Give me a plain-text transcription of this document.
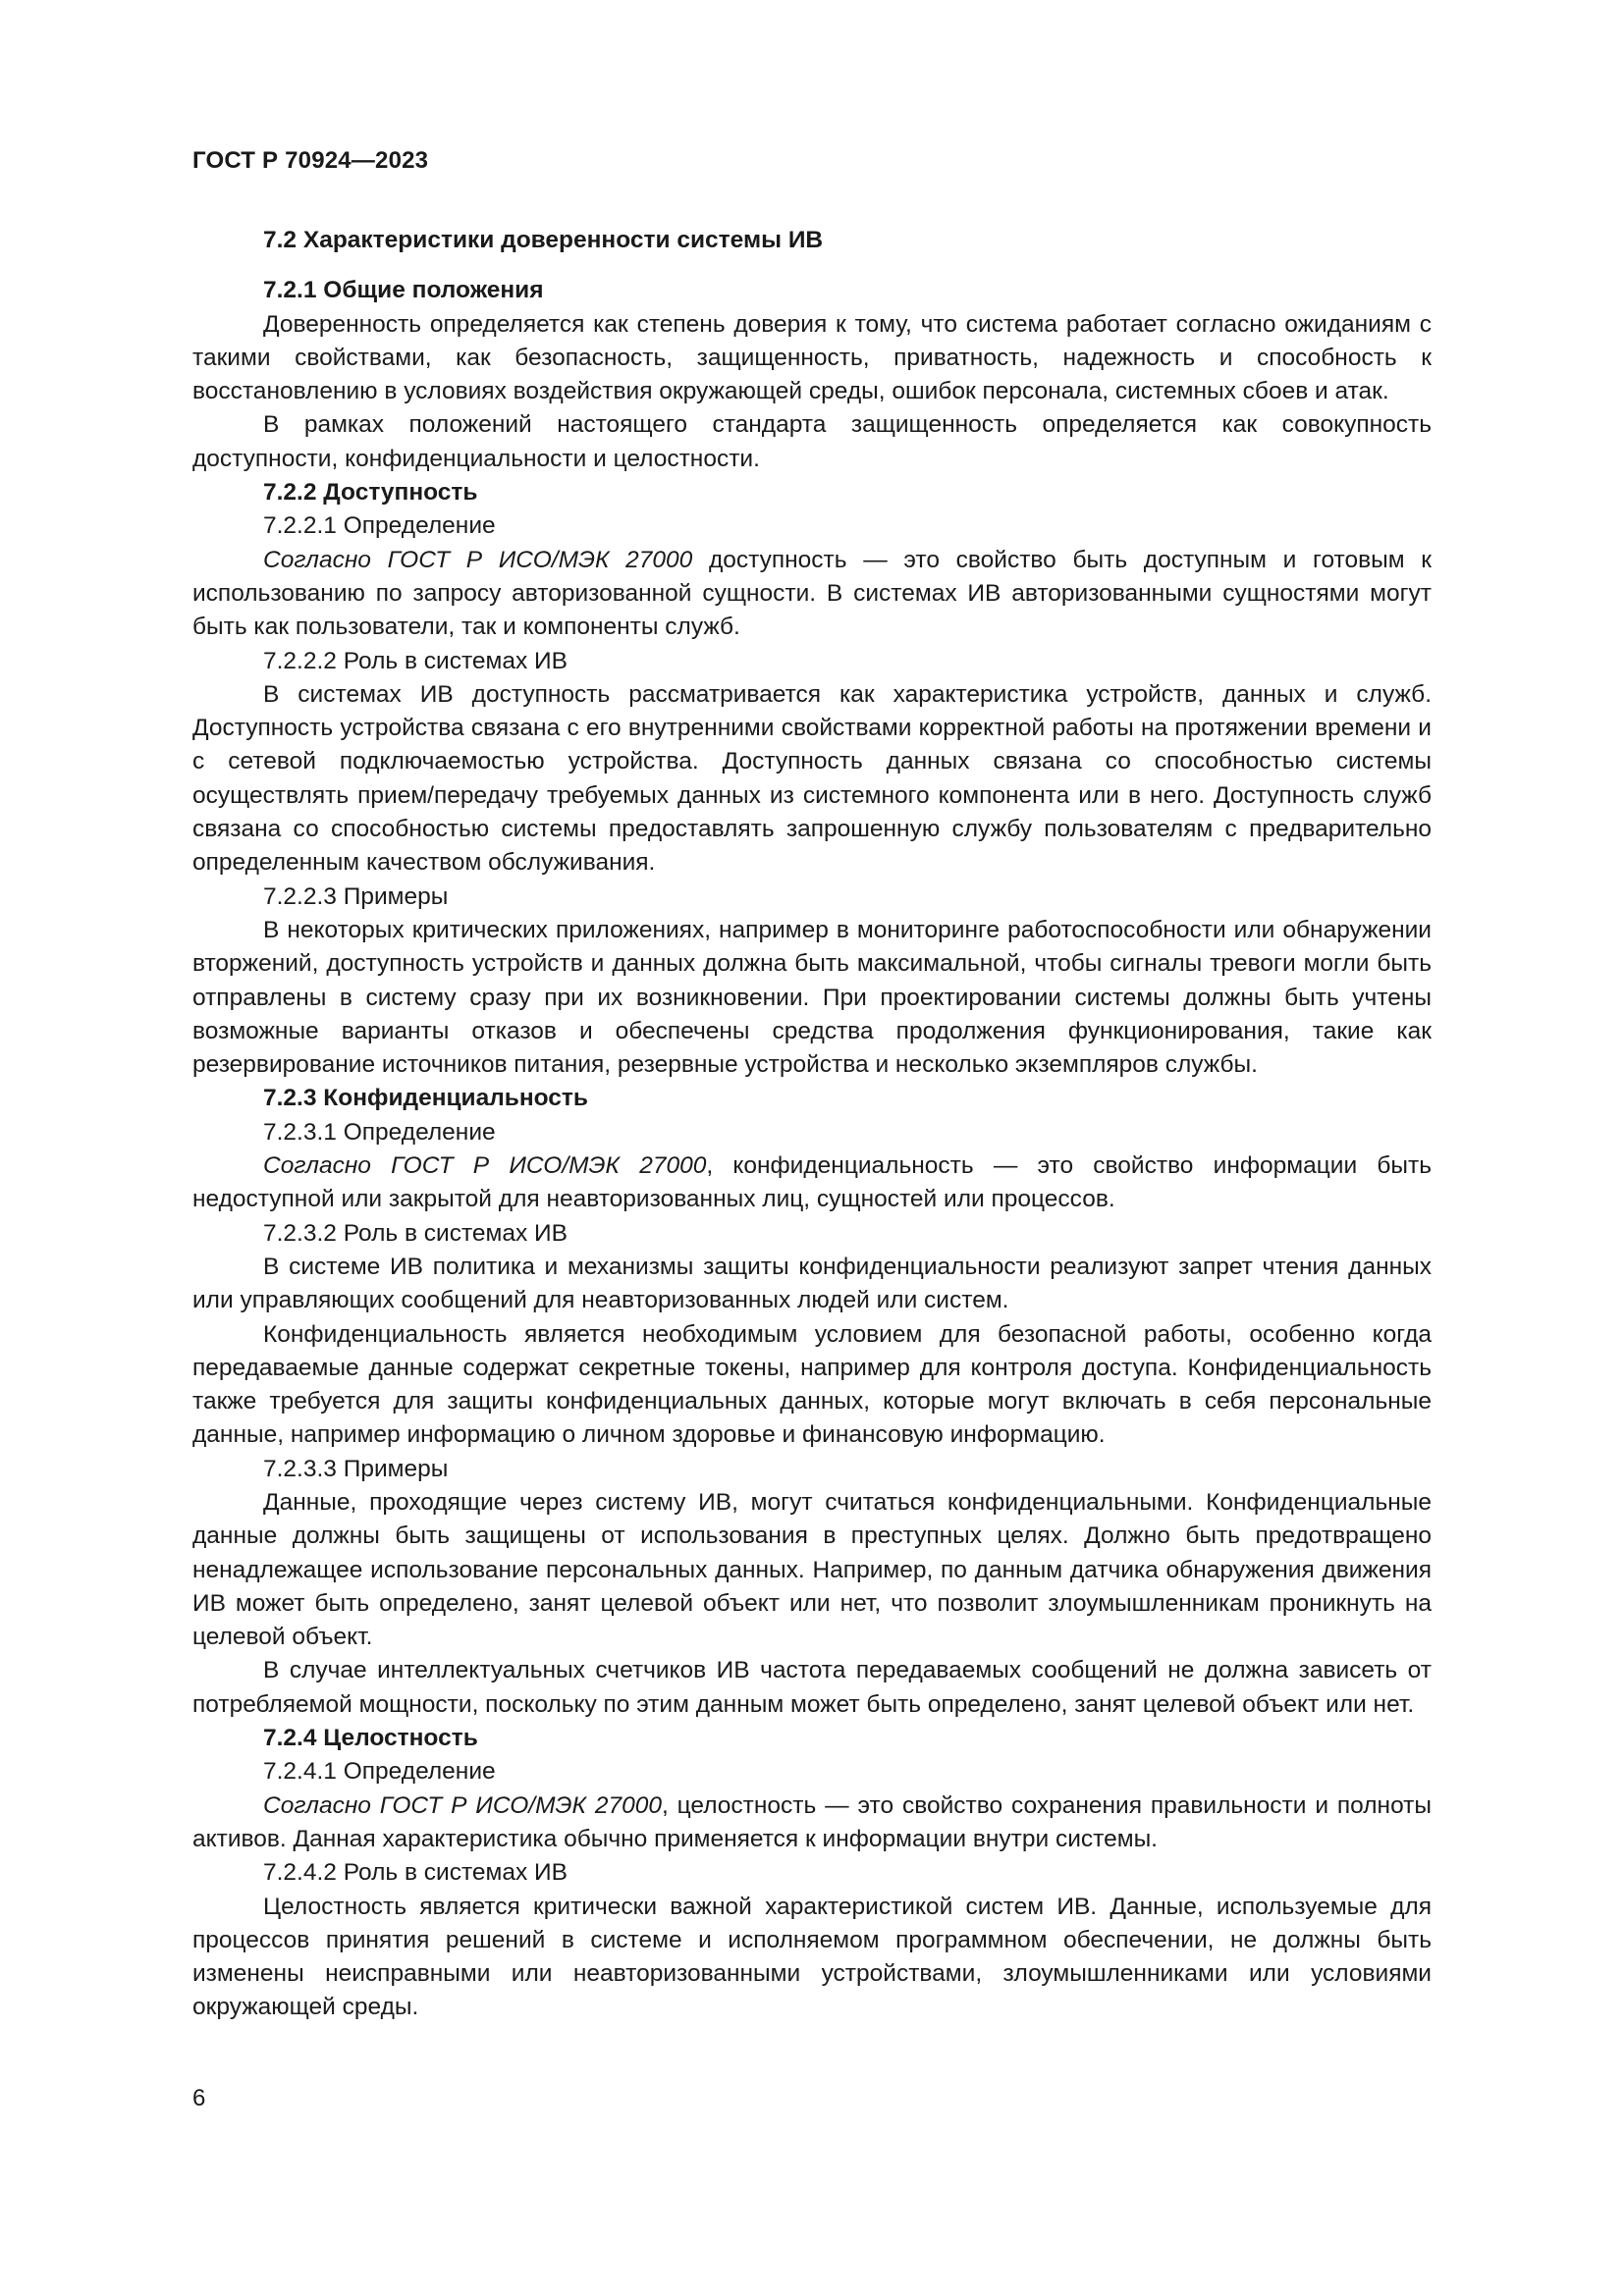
ГОСТ Р 70924—2023

7.2 Характеристики доверенности системы ИВ

7.2.1 Общие положения

Доверенность определяется как степень доверия к тому, что система работает согласно ожиданиям с такими свойствами, как безопасность, защищенность, приватность, надежность и способность к восстановлению в условиях воздействия окружающей среды, ошибок персонала, системных сбоев и атак.

В рамках положений настоящего стандарта защищенность определяется как совокупность доступности, конфиденциальности и целостности.

7.2.2 Доступность

7.2.2.1 Определение

Согласно ГОСТ Р ИСО/МЭК 27000 доступность — это свойство быть доступным и готовым к использованию по запросу авторизованной сущности. В системах ИВ авторизованными сущностями могут быть как пользователи, так и компоненты служб.

7.2.2.2 Роль в системах ИВ

В системах ИВ доступность рассматривается как характеристика устройств, данных и служб. Доступность устройства связана с его внутренними свойствами корректной работы на протяжении времени и с сетевой подключаемостью устройства. Доступность данных связана со способностью системы осуществлять прием/передачу требуемых данных из системного компонента или в него. Доступность служб связана со способностью системы предоставлять запрошенную службу пользователям с предварительно определенным качеством обслуживания.

7.2.2.3 Примеры

В некоторых критических приложениях, например в мониторинге работоспособности или обнаружении вторжений, доступность устройств и данных должна быть максимальной, чтобы сигналы тревоги могли быть отправлены в систему сразу при их возникновении. При проектировании системы должны быть учтены возможные варианты отказов и обеспечены средства продолжения функционирования, такие как резервирование источников питания, резервные устройства и несколько экземпляров службы.

7.2.3 Конфиденциальность

7.2.3.1 Определение

Согласно ГОСТ Р ИСО/МЭК 27000, конфиденциальность — это свойство информации быть недоступной или закрытой для неавторизованных лиц, сущностей или процессов.

7.2.3.2 Роль в системах ИВ

В системе ИВ политика и механизмы защиты конфиденциальности реализуют запрет чтения данных или управляющих сообщений для неавторизованных людей или систем.

Конфиденциальность является необходимым условием для безопасной работы, особенно когда передаваемые данные содержат секретные токены, например для контроля доступа. Конфиденциальность также требуется для защиты конфиденциальных данных, которые могут включать в себя персональные данные, например информацию о личном здоровье и финансовую информацию.

7.2.3.3 Примеры

Данные, проходящие через систему ИВ, могут считаться конфиденциальными. Конфиденциальные данные должны быть защищены от использования в преступных целях. Должно быть предотвращено ненадлежащее использование персональных данных. Например, по данным датчика обнаружения движения ИВ может быть определено, занят целевой объект или нет, что позволит злоумышленникам проникнуть на целевой объект.

В случае интеллектуальных счетчиков ИВ частота передаваемых сообщений не должна зависеть от потребляемой мощности, поскольку по этим данным может быть определено, занят целевой объект или нет.

7.2.4 Целостность

7.2.4.1 Определение

Согласно ГОСТ Р ИСО/МЭК 27000, целостность — это свойство сохранения правильности и полноты активов. Данная характеристика обычно применяется к информации внутри системы.

7.2.4.2 Роль в системах ИВ

Целостность является критически важной характеристикой систем ИВ. Данные, используемые для процессов принятия решений в системе и исполняемом программном обеспечении, не должны быть изменены неисправными или неавторизованными устройствами, злоумышленниками или условиями окружающей среды.

6
